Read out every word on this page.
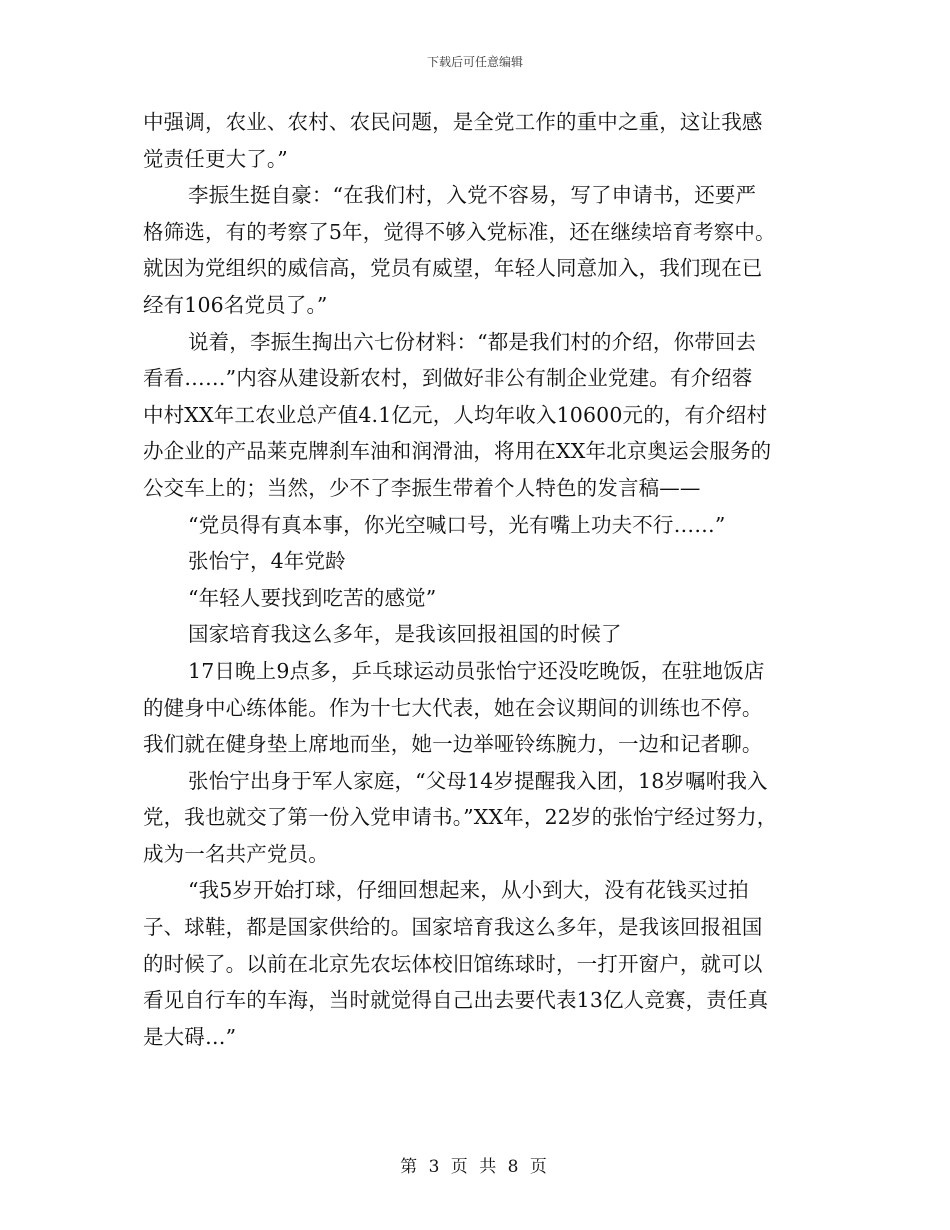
下载后可任意编辑
中强调，农业、农村、农民问题，是全党工作的重中之重，这让我感
觉责任更大了。”
李振生挺自豪：“在我们村，入党不容易，写了申请书，还要严
格筛选，有的考察了5年，觉得不够入党标准，还在继续培育考察中。
就因为党组织的威信高，党员有威望，年轻人同意加入，我们现在已
经有106名党员了。”
说着，李振生掏出六七份材料：“都是我们村的介绍，你带回去
看看……”内容从建设新农村，到做好非公有制企业党建。有介绍蓉
中村XX年工农业总产值4.1亿元，人均年收入10600元的，有介绍村
办企业的产品莱克牌刹车油和润滑油，将用在XX年北京奥运会服务的
公交车上的；当然，少不了李振生带着个人特色的发言稿——
“党员得有真本事，你光空喊口号，光有嘴上功夫不行……”
张怡宁，4年党龄
“年轻人要找到吃苦的感觉”
国家培育我这么多年，是我该回报祖国的时候了
17日晚上9点多，乒乓球运动员张怡宁还没吃晚饭，在驻地饭店
的健身中心练体能。作为十七大代表，她在会议期间的训练也不停。
我们就在健身垫上席地而坐，她一边举哑铃练腕力，一边和记者聊。
张怡宁出身于军人家庭，“父母14岁提醒我入团，18岁嘱咐我入
党，我也就交了第一份入党申请书。”XX年，22岁的张怡宁经过努力，
成为一名共产党员。
“我5岁开始打球，仔细回想起来，从小到大，没有花钱买过拍
子、球鞋，都是国家供给的。国家培育我这么多年，是我该回报祖国
的时候了。以前在北京先农坛体校旧馆练球时，一打开窗户，就可以
看见自行车的车海，当时就觉得自己出去要代表13亿人竞赛，责任真
是大碍…”
第 3 页 共 8 页
